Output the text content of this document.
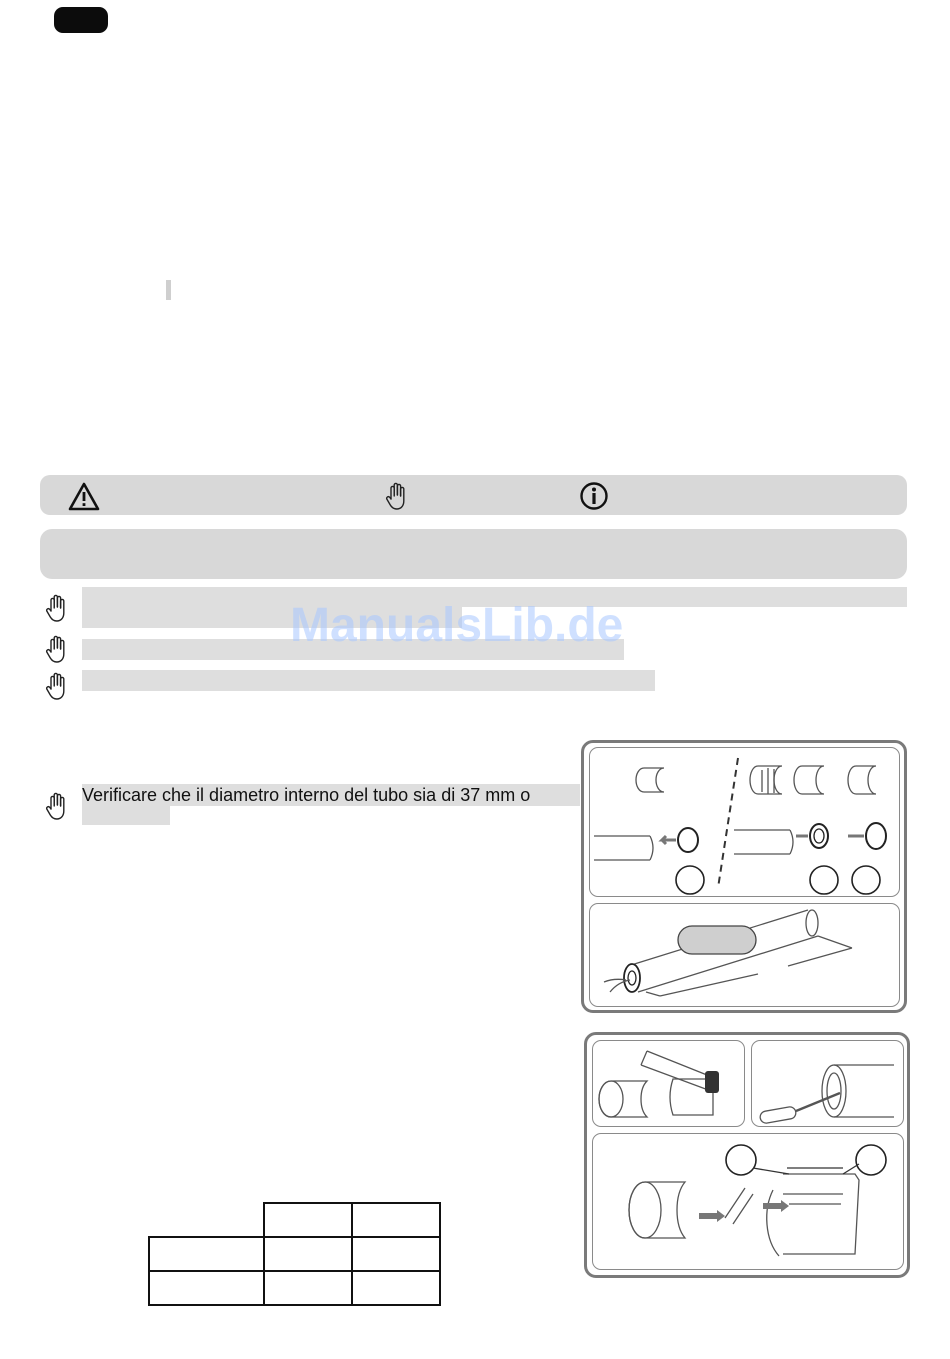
ManualsLib.de
Verificare che il diametro interno del tubo sia di 37 mm o
